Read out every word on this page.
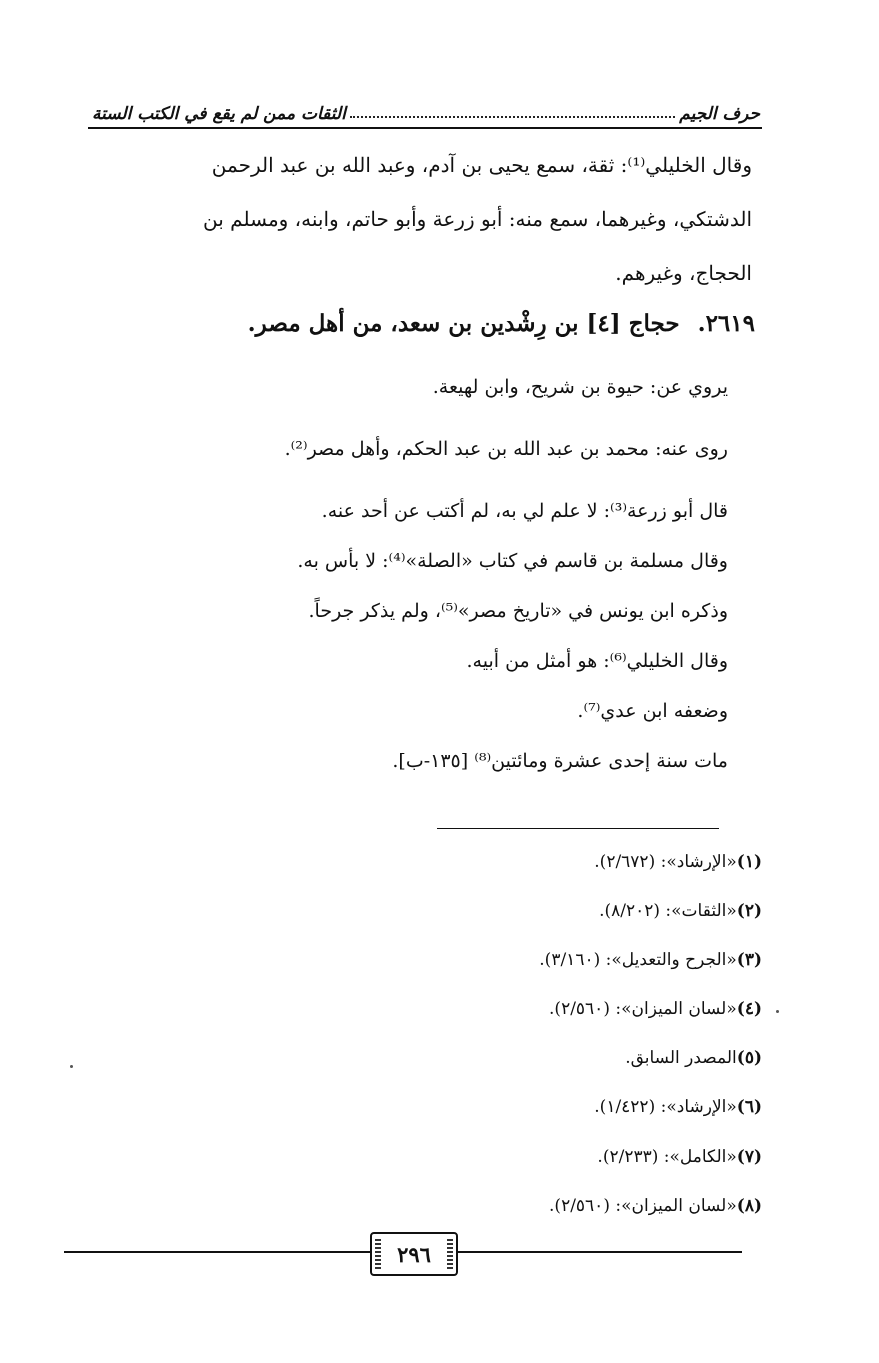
حرف الجيم
الثقات ممن لم يقع في الكتب الستة

وقال الخليلي⁽¹⁾: ثقة، سمع يحيى بن آدم، وعبد الله بن عبد الرحمن

الدشتكي، وغيرهما، سمع منه: أبو زرعة وأبو حاتم، وابنه، ومسلم بن

الحجاج، وغيرهم.

٢٦١٩.حجاج [٤] بن رِشْدين بن سعد، من أهل مصر.
يروي عن: حيوة بن شريح، وابن لهيعة.
روى عنه: محمد بن عبد الله بن عبد الحكم، وأهل مصر⁽²⁾.
قال أبو زرعة⁽³⁾: لا علم لي به، لم أكتب عن أحد عنه.
وقال مسلمة بن قاسم في كتاب «الصلة»⁽⁴⁾: لا بأس به.
وذكره ابن يونس في «تاريخ مصر»⁽⁵⁾، ولم يذكر جرحاً.
وقال الخليلي⁽⁶⁾: هو أمثل من أبيه.
وضعفه ابن عدي⁽⁷⁾.
مات سنة إحدى عشرة ومائتين⁽⁸⁾ [١٣٥-ب].
(١)«الإرشاد»: (٢/٦٧٢).
(٢)«الثقات»: (٨/٢٠٢).
(٣)«الجرح والتعديل»: (٣/١٦٠).
(٤)«لسان الميزان»: (٢/٥٦٠).
(٥)المصدر السابق.
(٦)«الإرشاد»: (١/٤٢٢).
(٧)«الكامل»: (٢/٢٣٣).
(٨)«لسان الميزان»: (٢/٥٦٠).
٢٩٦
